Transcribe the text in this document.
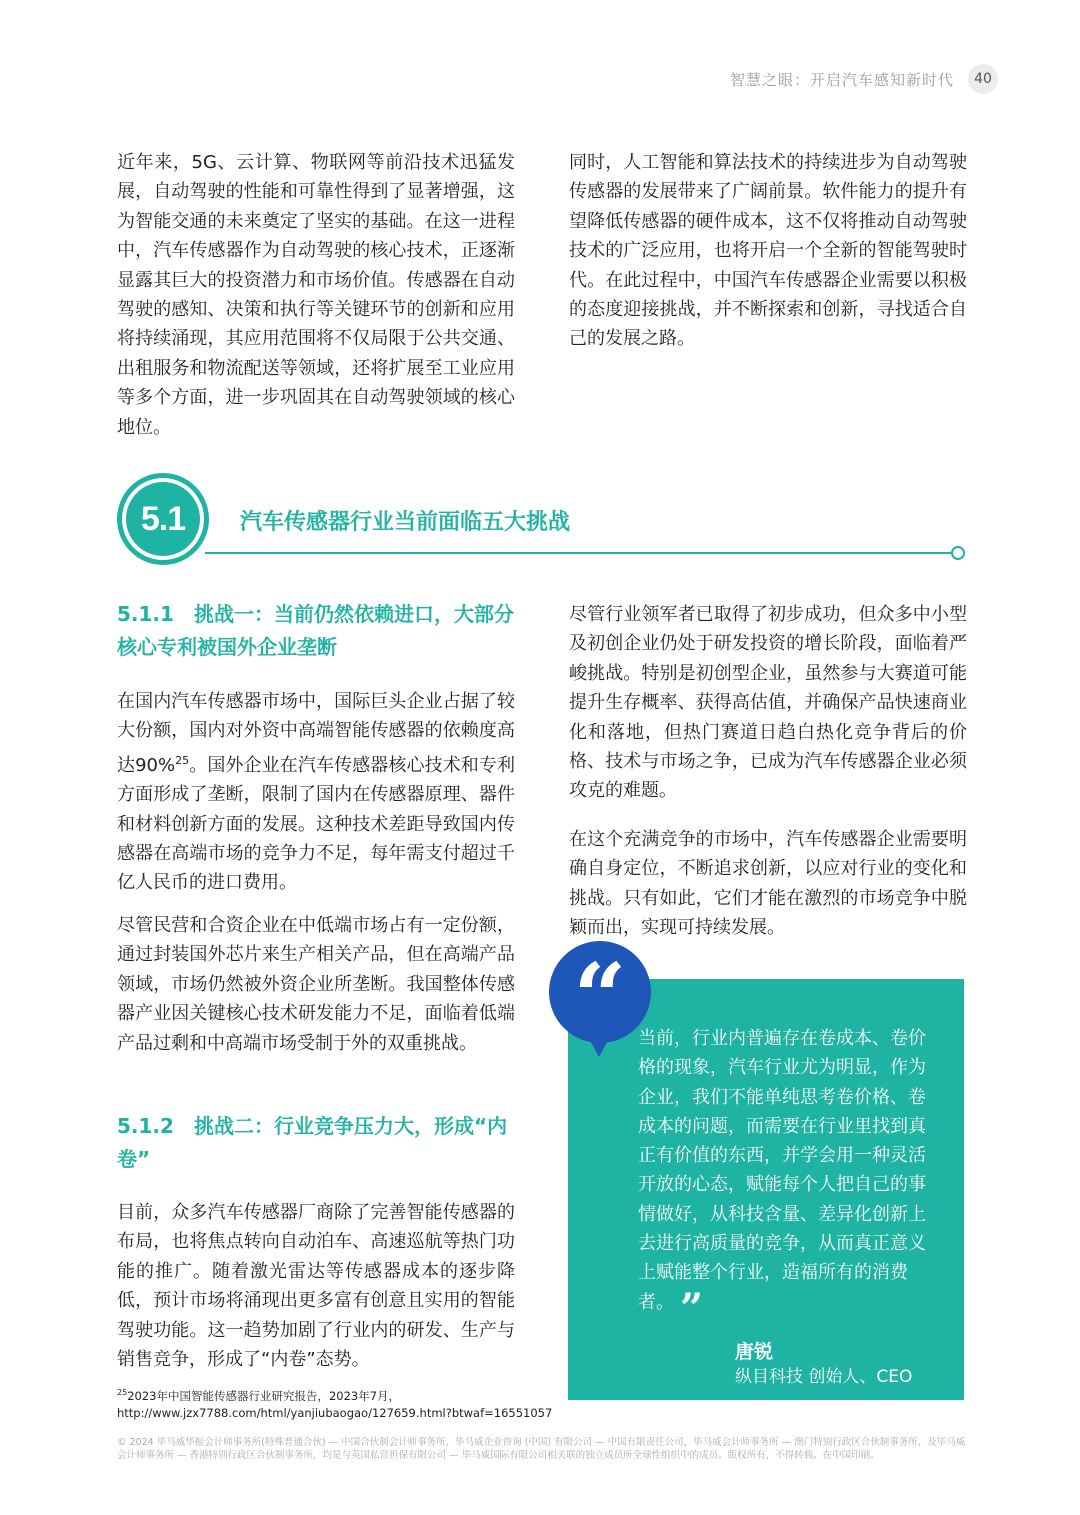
智慧之眼：开启汽车感知新时代	40

近年来，5G、云计算、物联网等前沿技术迅猛发展，自动驾驶的性能和可靠性得到了显著增强，这为智能交通的未来奠定了坚实的基础。在这一进程中，汽车传感器作为自动驾驶的核心技术，正逐渐显露其巨大的投资潜力和市场价值。传感器在自动驾驶的感知、决策和执行等关键环节的创新和应用将持续涌现，其应用范围将不仅局限于公共交通、出租服务和物流配送等领域，还将扩展至工业应用等多个方面，进一步巩固其在自动驾驶领域的核心地位。

同时，人工智能和算法技术的持续进步为自动驾驶传感器的发展带来了广阔前景。软件能力的提升有望降低传感器的硬件成本，这不仅将推动自动驾驶技术的广泛应用，也将开启一个全新的智能驾驶时代。在此过程中，中国汽车传感器企业需要以积极的态度迎接挑战，并不断探索和创新，寻找适合自己的发展之路。

5.1	汽车传感器行业当前面临五大挑战
5.1.1　挑战一：当前仍然依赖进口，大部分核心专利被国外企业垄断

在国内汽车传感器市场中，国际巨头企业占据了较大份额，国内对外资中高端智能传感器的依赖度高达90%$^{25}$。国外企业在汽车传感器核心技术和专利方面形成了垄断，限制了国内在传感器原理、器件和材料创新方面的发展。这种技术差距导致国内传感器在高端市场的竞争力不足，每年需支付超过千亿人民币的进口费用。

尽管民营和合资企业在中低端市场占有一定份额，通过封装国外芯片来生产相关产品，但在高端产品领域，市场仍然被外资企业所垄断。我国整体传感器产业因关键核心技术研发能力不足，面临着低端产品过剩和中高端市场受制于外的双重挑战。

5.1.2　挑战二：行业竞争压力大，形成“内卷”

目前，众多汽车传感器厂商除了完善智能传感器的布局，也将焦点转向自动泊车、高速巡航等热门功能的推广。随着激光雷达等传感器成本的逐步降低，预计市场将涌现出更多富有创意且实用的智能驾驶功能。这一趋势加剧了行业内的研发、生产与销售竞争，形成了“内卷”态势。

尽管行业领军者已取得了初步成功，但众多中小型及初创企业仍处于研发投资的增长阶段，面临着严峻挑战。特别是初创型企业，虽然参与大赛道可能提升生存概率、获得高估值，并确保产品快速商业化和落地，但热门赛道日趋白热化竞争背后的价格、技术与市场之争，已成为汽车传感器企业必须攻克的难题。

在这个充满竞争的市场中，汽车传感器企业需要明确自身定位，不断追求创新，以应对行业的变化和挑战。只有如此，它们才能在激烈的市场竞争中脱颖而出，实现可持续发展。

“ 当前，行业内普遍存在卷成本、卷价格的现象，汽车行业尤为明显，作为企业，我们不能单纯思考卷价格、卷成本的问题，而需要在行业里找到真正有价值的东西，并学会用一种灵活开放的心态，赋能每个人把自己的事情做好，从科技含量、差异化创新上去进行高质量的竞争，从而真正意义上赋能整个行业，造福所有的消费者。 ”

唐锐
纵目科技 创始人、CEO

$^{25}$2023年中国智能传感器行业研究报告，2023年7月，
http://www.jzx7788.com/html/yanjiubaogao/127659.html?btwaf=16551057

© 2024 毕马威华振会计师事务所(特殊普通合伙) — 中国合伙制会计师事务所，毕马威企业咨询 (中国) 有限公司 — 中国有限责任公司，毕马威会计师事务所 — 澳门特别行政区合伙制事务所，及毕马威会计师事务所 — 香港特别行政区合伙制事务所，均是与英国私营担保有限公司 — 毕马威国际有限公司相关联的独立成员所全球性组织中的成员。版权所有，不得转载。在中国印刷。
